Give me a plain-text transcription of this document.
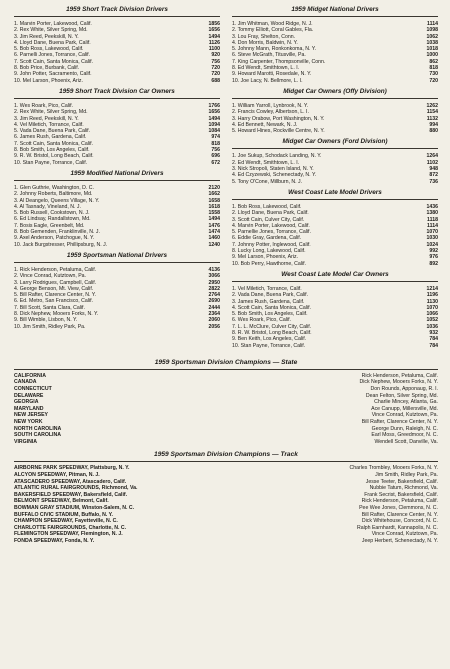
1959 Short Track Division Drivers
1. Marvin Porter, Lakewood, Calif.	1856
2. Rex White, Silver Spring, Md.	1656
3. Jim Reed, Peekskill, N. Y.	1494
4. Lloyd Dane, Buena Park, Calif.	1126
5. Bob Ross, Lakewood, Calif.	1100
6. Parnelli Jones, Torrance, Calif.	920
7. Scott Cain, Santa Monica, Calif.	756
8. Bob Price, Burbank, Calif.	720
9. John Potter, Sacramento, Calif.	720
10. Mel Larson, Phoenix, Ariz.	688
1959 Short Track Division Car Owners
1. Wes Roark, Pico, Calif.	1766
2. Rex White, Silver Spring, Md.	1656
3. Jim Reed, Peekskill, N. Y.	1494
4. Vel Miletich, Torrance, Calif.	1094
5. Vada Dane, Buena Park, Calif.	1084
6. James Rush, Gardena, Calif.	974
7. Scott Cain, Santa Monica, Calif.	818
8. Bob Smith, Los Angeles, Calif.	756
9. R. W. Bristol, Long Beach, Calif.	696
10. Stan Payne, Torrance, Calif.	672
1959 Modified National Drivers
1. Glen Guthrie, Washington, D. C.	2120
2. Johnny Roberts, Baltimore, Md.	1662
3. Al Deangelo, Queens Village, N. Y.	1658
4. Al Tasnady, Vineland, N. J.	1618
5. Bob Russell, Cookstown, N. J.	1558
6. Ed Lindsay, Randallstown, Md.	1494
7. Bosis Eagle, Greenbelt, Md.	1476
8. Bob Gemenden, Franklinville, N. J.	1474
9. Axel Anderson, Patchogue, N. Y.	1460
10. Jack Burgstresser, Phillipsburg, N. J.	1240
1959 Sportsman National Drivers
1. Rick Henderson, Petaluma, Calif.	4136
2. Vince Conrad, Kutztown, Pa.	3066
3. Larry Rodrigues, Campbell, Calif.	2950
4. George Benson, Mt. View, Calif.	2822
5. Bill Rafter, Clarence Center, N. Y.	2764
6. Ed. Metro, San Francisco, Calif.	2690
7. Bill Scott, Santa Clara, Calif.	2444
8. Dick Nephew, Mooers Forks, N. Y.	2364
9. Bill Wimble, Lisbon, N. Y.	2060
10. Jim Smith, Ridley Park, Pa.	2056
1959 Midget National Drivers
1. Jim Whitman, Wood Ridge, N. J.	1114
2. Tommy Elliott, Coral Gables, Fla.	1098
3. Lou Fray, Shelton, Conn.	1062
4. Don Morris, Baldwin, N. Y.	1038
5. Johnny Mann, Ronkonkoma, N. Y.	1018
6. Steve McGrath, Titusville, Pa.	1000
7. King Carpenter, Thompsonville, Conn.	862
8. Ed Wendt, Smithtown, L. I.	818
9. Howard Marotti, Rosedale, N. Y.	730
10. Joe Lacy, N. Bellmore, L. I.	720
Midget Car Owners (Offy Division)
1. William Yarroll, Lynbrook, N. Y.	1262
2. Francis Cowley, Albertson, L. I.	1154
3. Harry Orabow, Port Washington, N. Y.	1132
4. Ed Bennett, Newark, N. J.	994
5. Howard Hines, Rockville Centre, N. Y.	880
Midget Car Owners (Ford Division)
1. Joe Sukup, Schodack Landing, N. Y.	1264
2. Ed Wendt, Smithtown, L. I.	1102
3. Nick Stropoli, Staten Island, N. Y.	948
4. Ed Czyzewski, Schenectady, N. Y.	872
5. Tony O'Cone, Millburn, N. J.	736
West Coast Late Model Drivers
1. Bob Ross, Lakewood, Calif.	1436
2. Lloyd Dane, Buena Park, Calif.	1380
3. Scott Cain, Culver City, Calif.	1118
4. Marvin Porter, Lakewood, Calif.	1114
5. Parnellie Jones, Torrance, Calif.	1070
6. Eddie Gray, Gardena, Calif.	1030
7. Johnny Potter, Inglewood, Calif.	1024
8. Lucky Long, Lakewood, Calif.	992
9. Mel Larson, Phoenix, Ariz.	976
10. Bob Perry, Hawthorne, Calif.	892
West Coast Late Model Car Owners
1. Vel Miletich, Torrance, Calif.	1214
2. Vada Dane, Buena Park, Calif.	1196
3. James Rush, Gardena, Calif.	1130
4. Scott Cain, Santa Monica, Calif.	1070
5. Bob Smith, Los Angeles, Calif.	1066
6. Wes Roark, Pico, Calif.	1052
7. L. L. McClure, Culver City, Calif.	1036
8. R. W. Bristol, Long Beach, Calif.	932
9. Ben Keith, Los Angeles, Calif.	784
10. Stan Payne, Torrance, Calif.	784
1959 Sportsman Division Champions — State
CALIFORNIA	Rick Henderson, Petaluma, Calif.
CANADA	Dick Nephew, Mooers Forks, N. Y.
CONNECTICUT	Don Rounds, Apponaug, R. I.
DELAWARE	Dean Felton, Silver Spring, Md.
GEORGIA	Charlie Mincey, Atlanta, Ga.
MARYLAND	Ace Canupp, Millersville, Md.
NEW JERSEY	Vince Conrad, Kutztown, Pa.
NEW YORK	Bill Rafter, Clarence Center, N. Y.
NORTH CAROLINA	George Dunn, Raleigh, N. C.
SOUTH CAROLINA	Earl Moss, Greedmoor, N. C.
VIRGINIA	Wendell Scott, Danville, Va.
1959 Sportsman Division Champions — Track
AIRBORNE PARK SPEEDWAY, Plattsburg, N. Y.	Charles Trombley, Mooers Forks, N. Y.
ALCYON SPEEDWAY, Pitman, N. J.	Jim Smith, Ridley Park, Pa.
ATASCADERO SPEEDWAY, Atascadero, Calif.	Jesse Teeter, Bakersfield, Calif.
ATLANTIC RURAL FAIRGROUNDS, Richmond, Va.	Nubbie Tatum, Richmond, Va.
BAKERSFIELD SPEEDWAY, Bakersfield, Calif.	Frank Secrist, Bakersfield, Calif.
BELMONT SPEEDWAY, Belmont, Calif.	Rick Henderson, Petaluma, Calif.
BOWMAN GRAY STADIUM, Winston-Salem, N. C.	Pee Wee Jones, Clemmons, N. C.
BUFFALO CIVIC STADIUM, Buffalo, N. Y.	Bill Rafter, Clarence Center, N. Y.
CHAMPION SPEEDWAY, Fayetteville, N. C.	Dick Whitehouse, Concord, N. C.
CHARLOTTE FAIRGROUNDS, Charlotte, N. C.	Ralph Earnhardt, Kannapolis, N. C.
FLEMINGTON SPEEDWAY, Flemington, N. J.	Vince Conrad, Kutztown, Pa.
FONDA SPEEDWAY, Fonda, N. Y.	Jeep Herbert, Schenectady, N. Y.
